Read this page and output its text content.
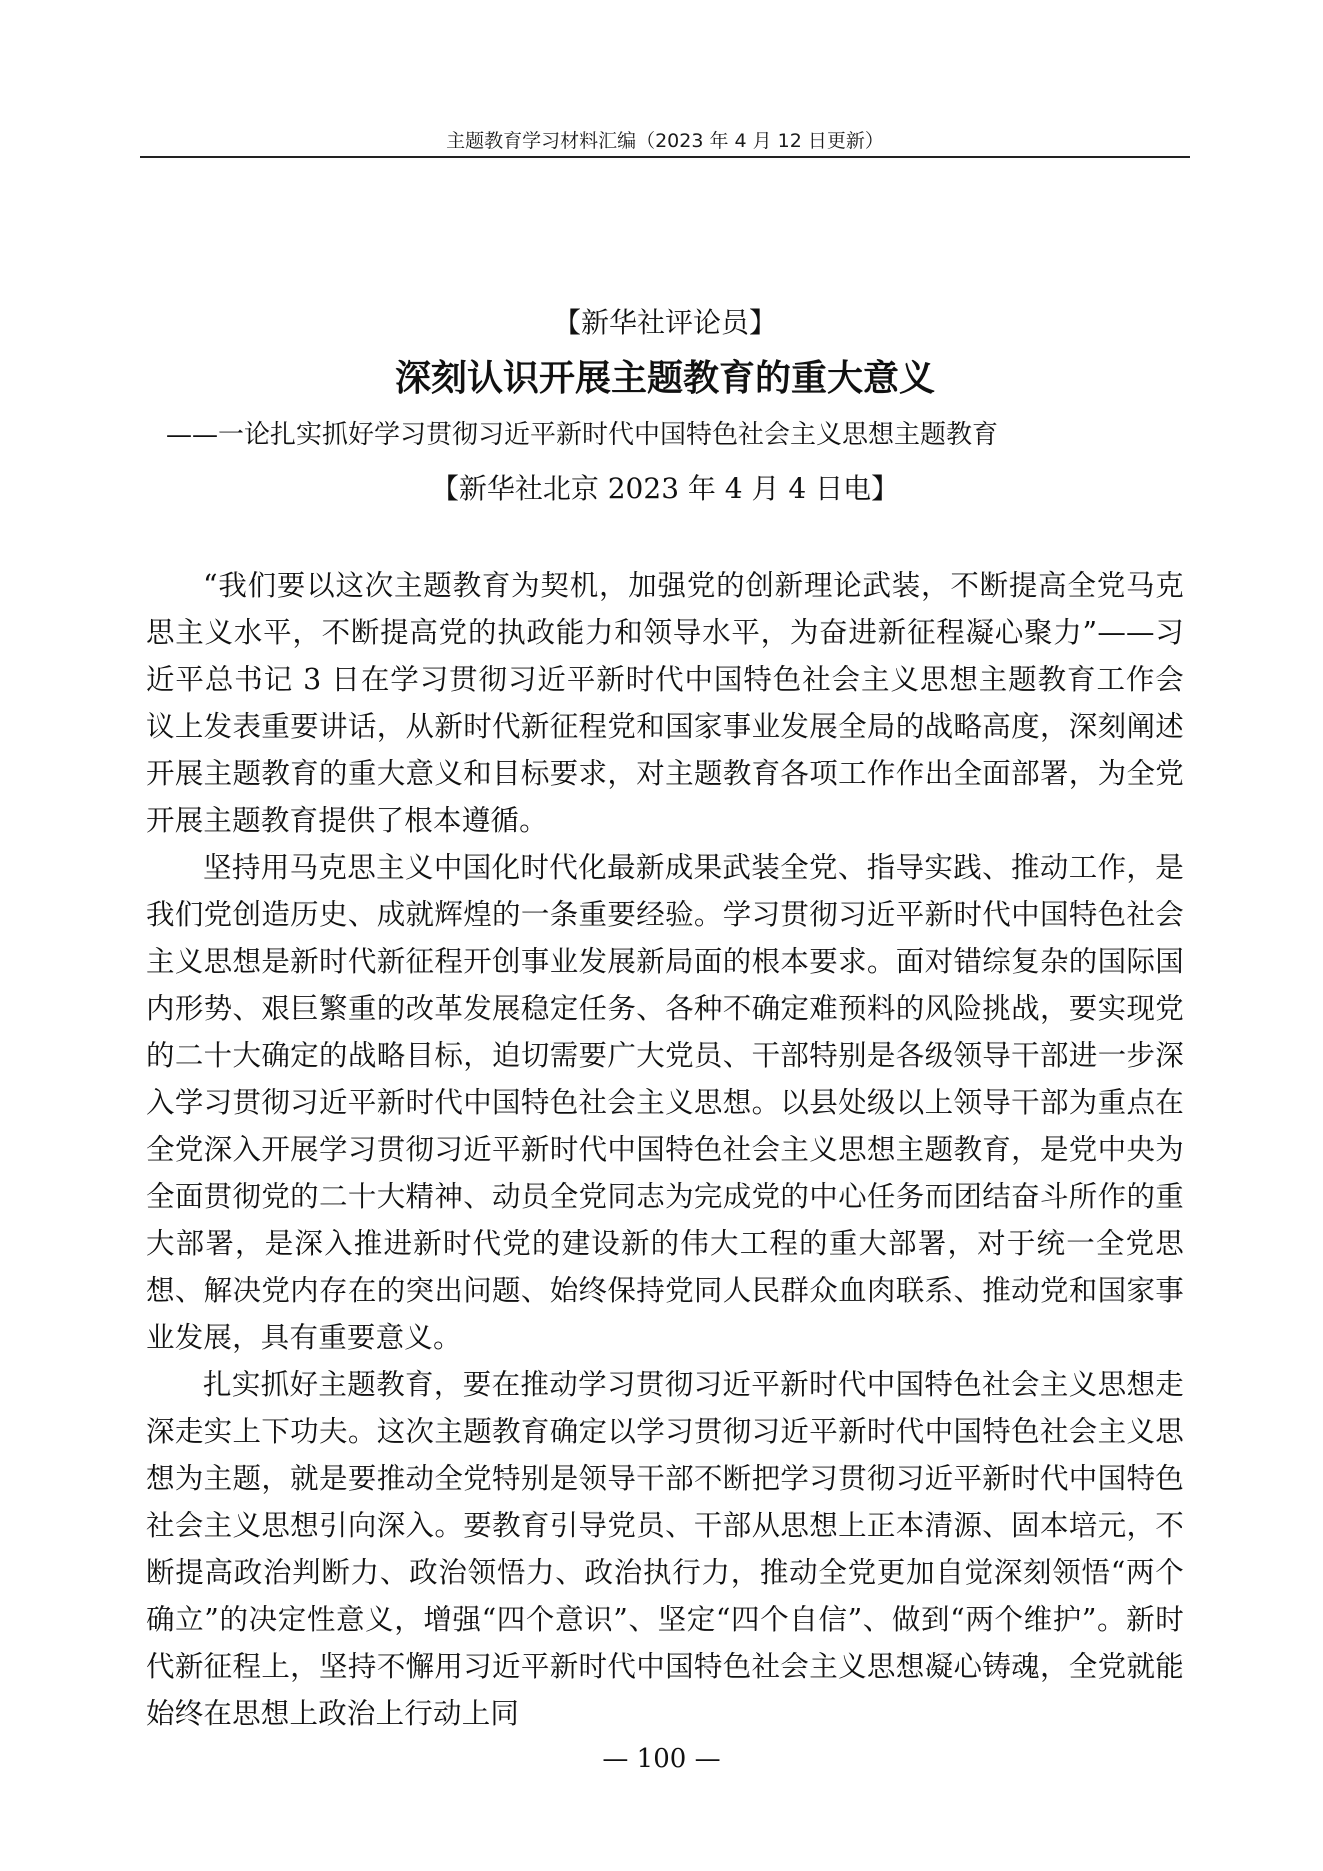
主题教育学习材料汇编（2023 年 4 月 12 日更新）
【新华社评论员】
深刻认识开展主题教育的重大意义
——一论扎实抓好学习贯彻习近平新时代中国特色社会主义思想主题教育
【新华社北京 2023 年 4 月 4 日电】

“我们要以这次主题教育为契机，加强党的创新理论武装，不断提高全党马克思主义水平，不断提高党的执政能力和领导水平，为奋进新征程凝心聚力”——习近平总书记 3 日在学习贯彻习近平新时代中国特色社会主义思想主题教育工作会议上发表重要讲话，从新时代新征程党和国家事业发展全局的战略高度，深刻阐述开展主题教育的重大意义和目标要求，对主题教育各项工作作出全面部署，为全党开展主题教育提供了根本遵循。

坚持用马克思主义中国化时代化最新成果武装全党、指导实践、推动工作，是我们党创造历史、成就辉煌的一条重要经验。学习贯彻习近平新时代中国特色社会主义思想是新时代新征程开创事业发展新局面的根本要求。面对错综复杂的国际国内形势、艰巨繁重的改革发展稳定任务、各种不确定难预料的风险挑战，要实现党的二十大确定的战略目标，迫切需要广大党员、干部特别是各级领导干部进一步深入学习贯彻习近平新时代中国特色社会主义思想。以县处级以上领导干部为重点在全党深入开展学习贯彻习近平新时代中国特色社会主义思想主题教育，是党中央为全面贯彻党的二十大精神、动员全党同志为完成党的中心任务而团结奋斗所作的重大部署，是深入推进新时代党的建设新的伟大工程的重大部署，对于统一全党思想、解决党内存在的突出问题、始终保持党同人民群众血肉联系、推动党和国家事业发展，具有重要意义。

扎实抓好主题教育，要在推动学习贯彻习近平新时代中国特色社会主义思想走深走实上下功夫。这次主题教育确定以学习贯彻习近平新时代中国特色社会主义思想为主题，就是要推动全党特别是领导干部不断把学习贯彻习近平新时代中国特色社会主义思想引向深入。要教育引导党员、干部从思想上正本清源、固本培元，不断提高政治判断力、政治领悟力、政治执行力，推动全党更加自觉深刻领悟“两个确立”的决定性意义，增强“四个意识”、坚定“四个自信”、做到“两个维护”。新时代新征程上，坚持不懈用习近平新时代中国特色社会主义思想凝心铸魂，全党就能始终在思想上政治上行动上同

— 100 —
